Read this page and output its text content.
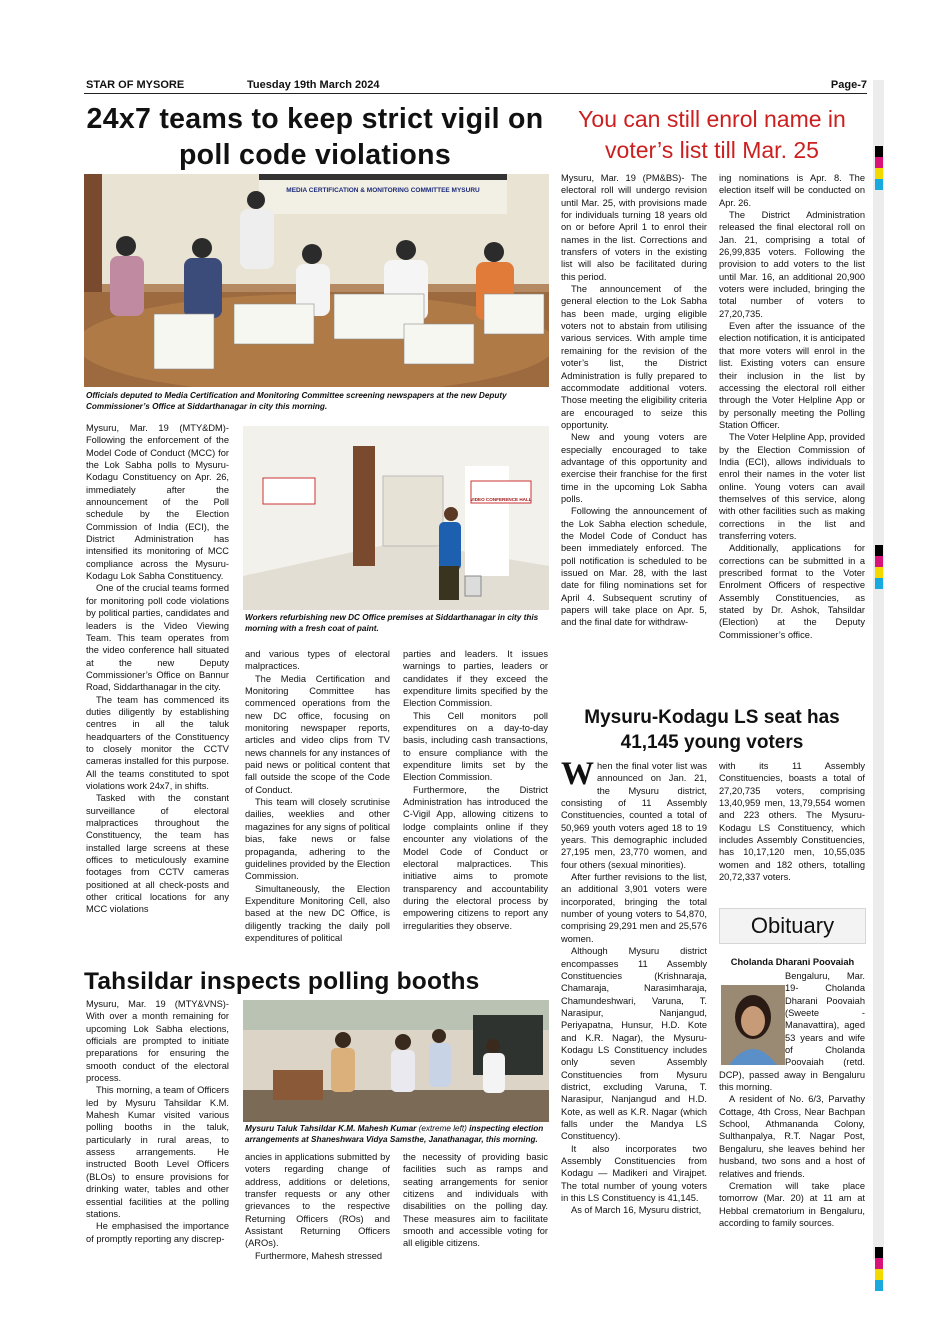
STAR OF MYSORE	Tuesday 19th March 2024	Page-7
24x7 teams to keep strict vigil on poll code violations
MEDIA CERTIFICATION & MONITORING COMMITTEE MYSURU

Officials deputed to Media Certification and Monitoring Committee screening newspapers at the new Deputy Commissioner’s Office at Siddarthanagar in city this morning.

VIDEO CONFERENCE HALL

Workers refurbishing new DC Office premises at Siddarthanagar in city this morning with a fresh coat of paint.

Mysuru, Mar. 19 (MTY&DM)- Following the enforcement of the Model Code of Conduct (MCC) for the Lok Sabha polls to Mysuru-Kodagu Constituency on Apr. 26, immediately after the announcement of the Poll schedule by the Election Commission of India (ECI), the District Administration has intensified its monitoring of MCC compliance across the Mysuru-Kodagu Lok Sabha Constituency.

One of the crucial teams formed for monitoring poll code violations by political parties, candidates and leaders is the Video Viewing Team. This team operates from the video conference hall situated at the new Deputy Commissioner’s Office on Bannur Road, Siddarthanagar in the city.

The team has commenced its duties diligently by establishing centres in all the taluk headquarters of the Constituency to closely monitor the CCTV cameras installed for this purpose. All the teams constituted to spot violations work 24x7, in shifts.

Tasked with the constant surveillance of electoral malpractices throughout the Constituency, the team has installed large screens at these offices to meticulously examine footages from CCTV cameras positioned at all check-posts and other critical locations for any MCC violations

and various types of electoral malpractices.

The Media Certification and Monitoring Committee has commenced operations from the new DC office, focusing on monitoring newspaper reports, articles and video clips from TV news channels for any instances of paid news or political content that fall outside the scope of the Code of Conduct.

This team will closely scrutinise dailies, weeklies and other magazines for any signs of political bias, fake news or false propaganda, adhering to the guidelines provided by the Election Commission.

Simultaneously, the Election Expenditure Monitoring Cell, also based at the new DC Office, is diligently tracking the daily poll expenditures of political

parties and leaders. It issues warnings to parties, leaders or candidates if they exceed the expenditure limits specified by the Election Commission.

This Cell monitors poll expenditures on a day-to-day basis, including cash transactions, to ensure compliance with the expenditure limits set by the Election Commission.

Furthermore, the District Administration has introduced the C-Vigil App, allowing citizens to lodge complaints online if they encounter any violations of the Model Code of Conduct or electoral malpractices. This initiative aims to promote transparency and accountability during the electoral process by empowering citizens to report any irregularities they observe.

Tahsildar inspects polling booths

Mysuru Taluk Tahsildar K.M. Mahesh Kumar (extreme left) inspecting election arrangements at Shaneshwara Vidya Samsthe, Janathanagar, this morning.

Mysuru, Mar. 19 (MTY&VNS)- With over a month remaining for upcoming Lok Sabha elections, officials are prompted to initiate preparations for ensuring the smooth conduct of the electoral process.

This morning, a team of Officers led by Mysuru Tahsildar K.M. Mahesh Kumar visited various polling booths in the taluk, particularly in rural areas, to assess arrangements. He instructed Booth Level Officers (BLOs) to ensure provisions for drinking water, tables and other essential facilities at the polling stations.

He emphasised the importance of promptly reporting any discrep-

ancies in applications submitted by voters regarding change of address, additions or deletions, transfer requests or any other grievances to the respective Returning Officers (ROs) and Assistant Returning Officers (AROs).

Furthermore, Mahesh stressed

the necessity of providing basic facilities such as ramps and seating arrangements for senior citizens and individuals with disabilities on the polling day. These measures aim to facilitate smooth and accessible voting for all eligible citizens.

You can still enrol name in voter’s list till Mar. 25

Mysuru, Mar. 19 (PM&BS)- The electoral roll will undergo revision until Mar. 25, with provisions made for individuals turning 18 years old on or before April 1 to enrol their names in the list. Corrections and transfers of voters in the existing list will also be facilitated during this period.

The announcement of the general election to the Lok Sabha has been made, urging eligible voters not to abstain from utilising various services. With ample time remaining for the revision of the voter’s list, the District Administration is fully prepared to accommodate additional voters. Those meeting the eligibility criteria are encouraged to seize this opportunity.

New and young voters are especially encouraged to take advantage of this opportunity and exercise their franchise for the first time in the upcoming Lok Sabha polls.

Following the announcement of the Lok Sabha election schedule, the Model Code of Conduct has been immediately enforced. The poll notification is scheduled to be issued on Mar. 28, with the last date for filing nominations set for April 4. Subsequent scrutiny of papers will take place on Apr. 5, and the final date for withdraw-

ing nominations is Apr. 8. The election itself will be conducted on Apr. 26.

The District Administration released the final electoral roll on Jan. 21, comprising a total of 26,99,835 voters. Following the provision to add voters to the list until Mar. 16, an additional 20,900 voters were included, bringing the total number of voters to 27,20,735.

Even after the issuance of the election notification, it is anticipated that more voters will enrol in the list. Existing voters can ensure their inclusion in the list by accessing the electoral roll either through the Voter Helpline App or by personally meeting the Polling Station Officer.

The Voter Helpline App, provided by the Election Commission of India (ECI), allows individuals to enrol their names in the voter list online. Young voters can avail themselves of this service, along with other facilities such as making corrections in the list and transferring voters.

Additionally, applications for corrections can be submitted in a prescribed format to the Voter Enrolment Officers of respective Assembly Constituencies, as stated by Dr. Ashok, Tahsildar (Election) at the Deputy Commissioner’s office.

Mysuru-Kodagu LS seat has 41,145 young voters

When the final voter list was announced on Jan. 21, the Mysuru district, consisting of 11 Assembly Constituencies, counted a total of 50,969 youth voters aged 18 to 19 years. This demographic included 27,195 men, 23,770 women, and four others (sexual minorities).

After further revisions to the list, an additional 3,901 voters were incorporated, bringing the total number of young voters to 54,870, comprising 29,291 men and 25,576 women.

Although Mysuru district encompasses 11 Assembly Constituencies (Krishnaraja, Chamaraja, Narasimharaja, Chamundeshwari, Varuna, T. Narasipur, Nanjangud, Periyapatna, Hunsur, H.D. Kote and K.R. Nagar), the Mysuru-Kodagu LS Constituency includes only seven Assembly Constituencies from Mysuru district, excluding Varuna, T. Narasipur, Nanjangud and H.D. Kote, as well as K.R. Nagar (which falls under the Mandya LS Constituency).

It also incorporates two Assembly Constituencies from Kodagu — Madikeri and Virajpet. The total number of young voters in this LS Constituency is 41,145.

As of March 16, Mysuru district,

with its 11 Assembly Constituencies, boasts a total of 27,20,735 voters, comprising 13,40,959 men, 13,79,554 women and 223 others. The Mysuru-Kodagu LS Constituency, which includes Assembly Constituencies, has 10,17,120 men, 10,55,035 women and 182 others, totalling 20,72,337 voters.

Obituary
Cholanda Dharani Poovaiah

Bengaluru, Mar. 19- Cholanda Dharani Poovaiah (Sweete - Manavattira), aged 53 years and wife of Cholanda Poovaiah (retd. DCP), passed away in Bengaluru this morning.

A resident of No. 6/3, Parvathy Cottage, 4th Cross, Near Bachpan School, Athmananda Colony, Sulthanpalya, R.T. Nagar Post, Bengaluru, she leaves behind her husband, two sons and a host of relatives and friends.

Cremation will take place tomorrow (Mar. 20) at 11 am at Hebbal crematorium in Bengaluru, according to family sources.
